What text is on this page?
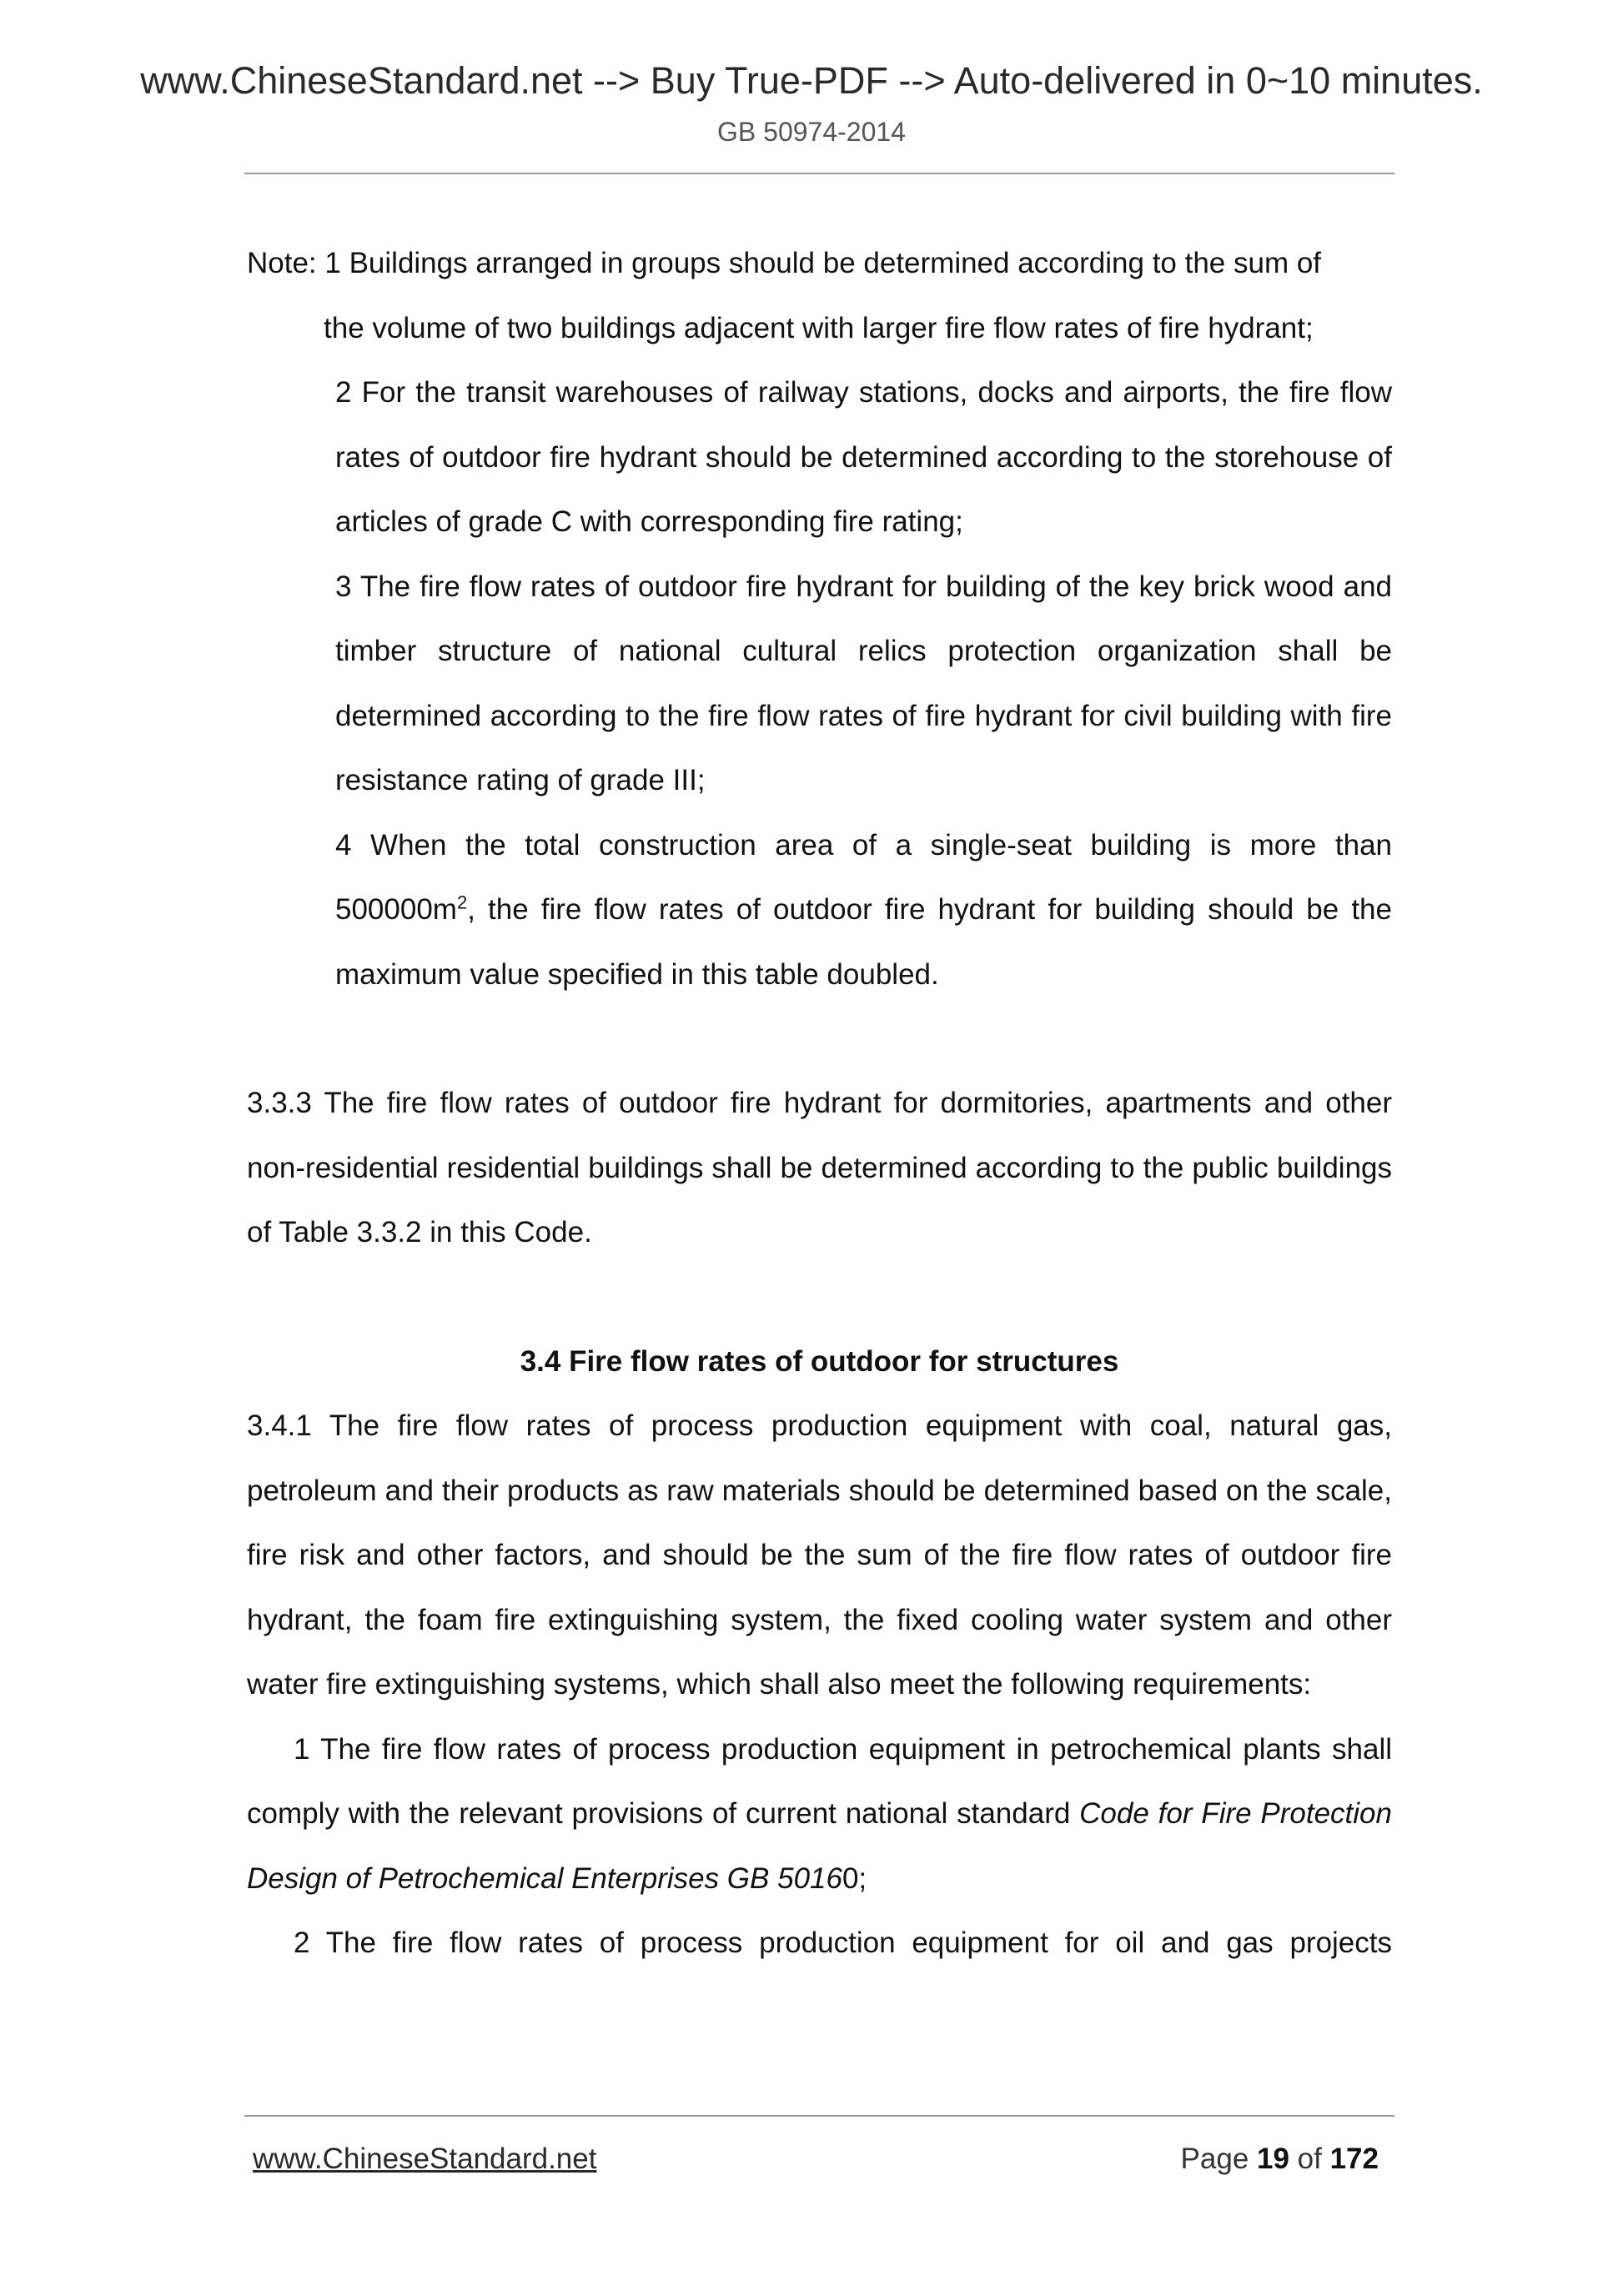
www.ChineseStandard.net --> Buy True-PDF --> Auto-delivered in 0~10 minutes.
GB 50974-2014

Note: 1 Buildings arranged in groups should be determined according to the sum of

the volume of two buildings adjacent with larger fire flow rates of fire hydrant;

2 For the transit warehouses of railway stations, docks and airports, the fire flow rates of outdoor fire hydrant should be determined according to the storehouse of articles of grade C with corresponding fire rating;

3 The fire flow rates of outdoor fire hydrant for building of the key brick wood and timber structure of national cultural relics protection organization shall be determined according to the fire flow rates of fire hydrant for civil building with fire resistance rating of grade III;

4 When the total construction area of a single-seat building is more than $500000m^2$, the fire flow rates of outdoor fire hydrant for building should be the maximum value specified in this table doubled.

3.3.3 The fire flow rates of outdoor fire hydrant for dormitories, apartments and other non-residential residential buildings shall be determined according to the public buildings of Table 3.3.2 in this Code.

3.4 Fire flow rates of outdoor for structures

3.4.1 The fire flow rates of process production equipment with coal, natural gas, petroleum and their products as raw materials should be determined based on the scale, fire risk and other factors, and should be the sum of the fire flow rates of outdoor fire hydrant, the foam fire extinguishing system, the fixed cooling water system and other water fire extinguishing systems, which shall also meet the following requirements:

1 The fire flow rates of process production equipment in petrochemical plants shall comply with the relevant provisions of current national standard Code for Fire Protection Design of Petrochemical Enterprises GB 50160;

2 The fire flow rates of process production equipment for oil and gas projects

www.ChineseStandard.net	Page 19 of 172
